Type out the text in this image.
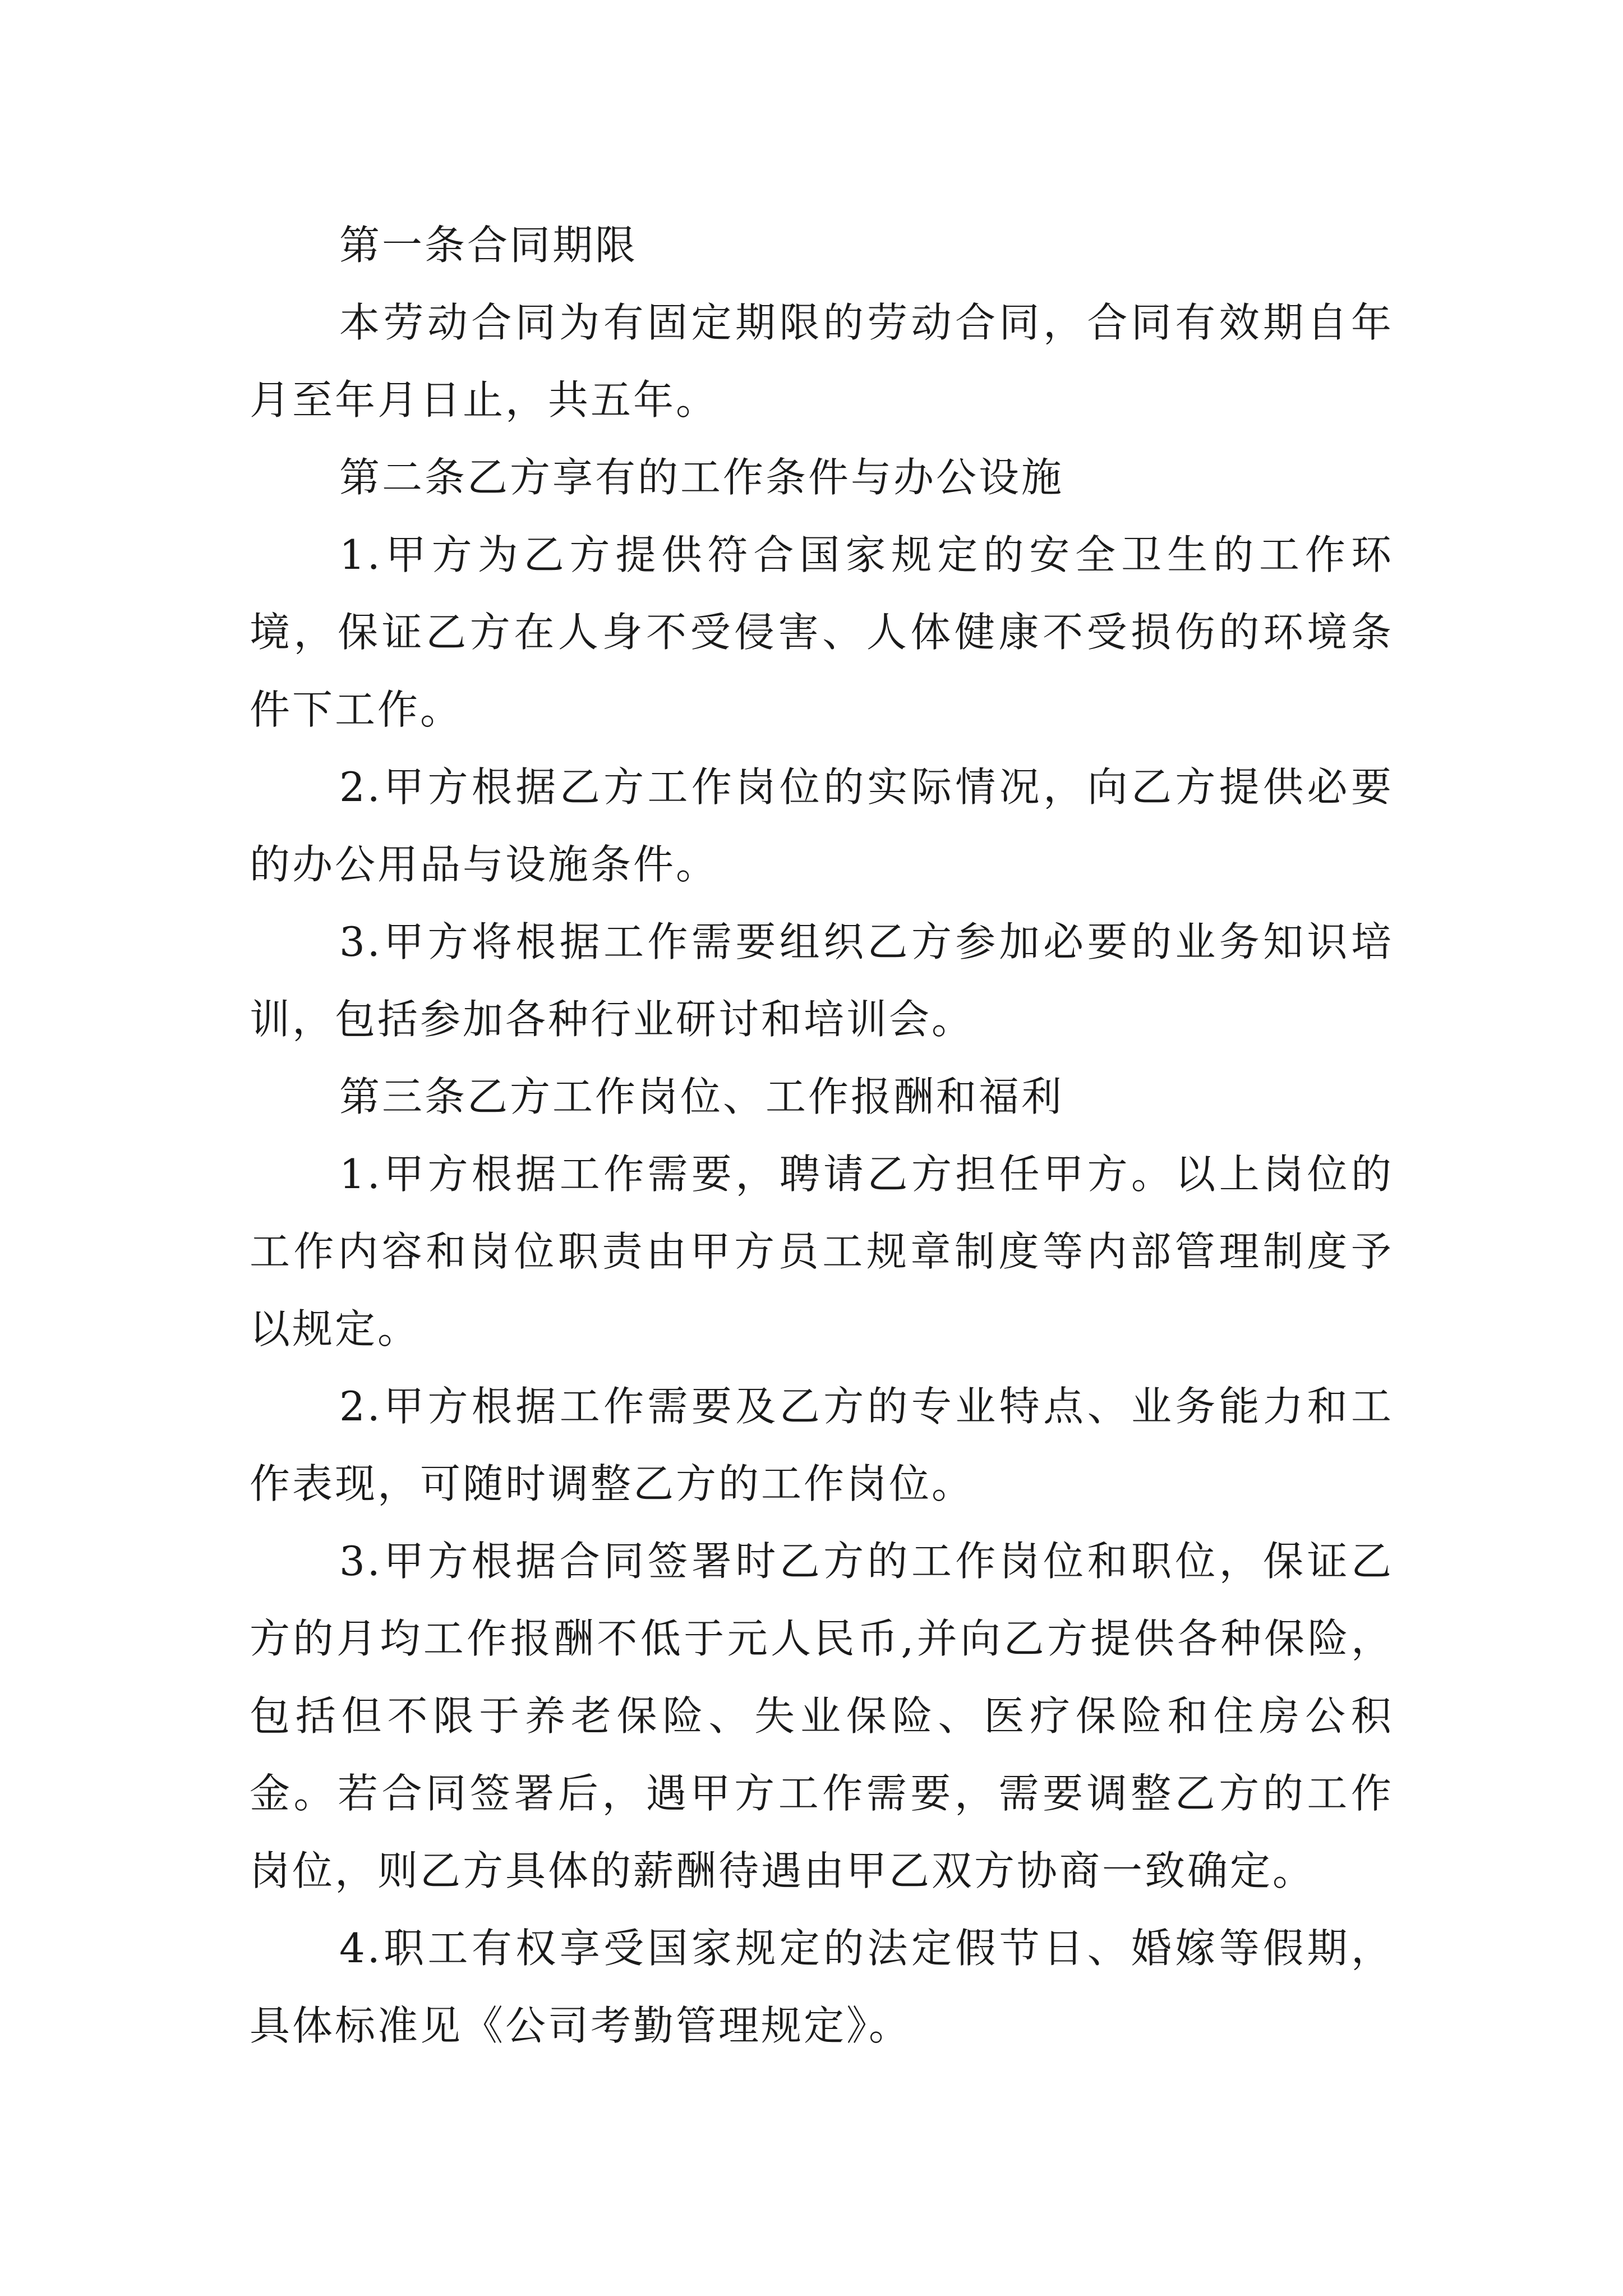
第一条合同期限

本劳动合同为有固定期限的劳动合同，合同有效期自年月至年月日止，共五年。

第二条乙方享有的工作条件与办公设施

1.甲方为乙方提供符合国家规定的安全卫生的工作环境，保证乙方在人身不受侵害、人体健康不受损伤的环境条件下工作。

2.甲方根据乙方工作岗位的实际情况，向乙方提供必要的办公用品与设施条件。

3.甲方将根据工作需要组织乙方参加必要的业务知识培训，包括参加各种行业研讨和培训会。

第三条乙方工作岗位、工作报酬和福利

1.甲方根据工作需要，聘请乙方担任甲方。以上岗位的工作内容和岗位职责由甲方员工规章制度等内部管理制度予以规定。

2.甲方根据工作需要及乙方的专业特点、业务能力和工作表现，可随时调整乙方的工作岗位。

3.甲方根据合同签署时乙方的工作岗位和职位，保证乙方的月均工作报酬不低于元人民币,并向乙方提供各种保险，包括但不限于养老保险、失业保险、医疗保险和住房公积金。若合同签署后，遇甲方工作需要，需要调整乙方的工作岗位，则乙方具体的薪酬待遇由甲乙双方协商一致确定。

4.职工有权享受国家规定的法定假节日、婚嫁等假期，具体标准见《公司考勤管理规定》。
